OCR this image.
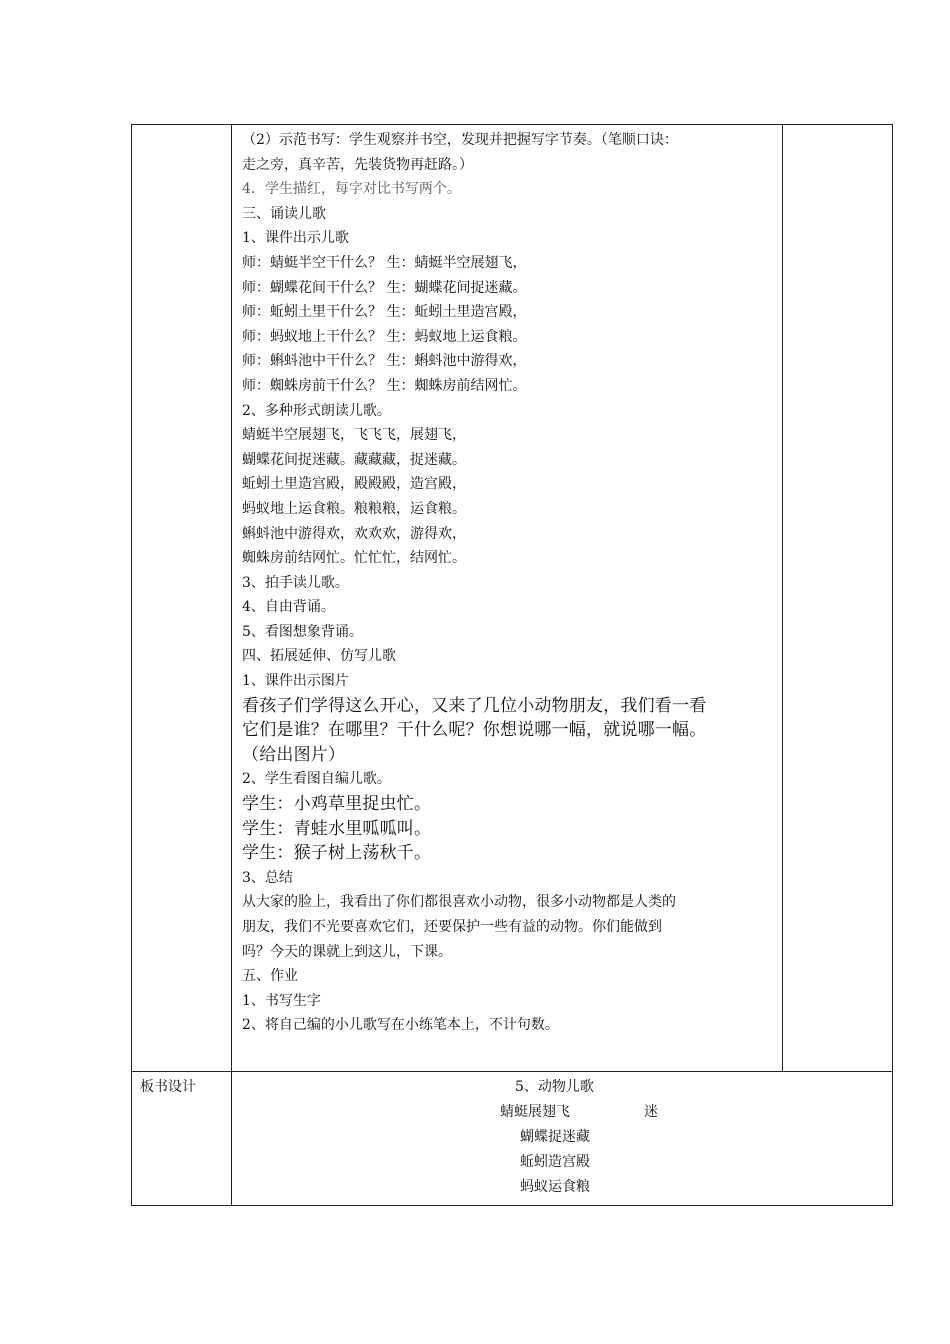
（2）示范书写：学生观察并书空，发现并把握写字节奏。（笔顺口诀：
走之旁，真辛苦，先装货物再赶路。）
4．学生描红，每字对比书写两个。
三、诵读儿歌
1、课件出示儿歌
师：蜻蜓半空干什么？ 生：蜻蜓半空展翅飞，
师：蝴蝶花间干什么？ 生：蝴蝶花间捉迷藏。
师：蚯蚓土里干什么？ 生：蚯蚓土里造宫殿，
师：蚂蚁地上干什么？ 生：蚂蚁地上运食粮。
师：蝌蚪池中干什么？ 生：蝌蚪池中游得欢，
师：蜘蛛房前干什么？ 生：蜘蛛房前结网忙。
2、多种形式朗读儿歌。
蜻蜓半空展翅飞，飞飞飞，展翅飞，
蝴蝶花间捉迷藏。藏藏藏，捉迷藏。
蚯蚓土里造宫殿，殿殿殿，造宫殿，
蚂蚁地上运食粮。粮粮粮，运食粮。
蝌蚪池中游得欢，欢欢欢，游得欢，
蜘蛛房前结网忙。忙忙忙，结网忙。
3、拍手读儿歌。
4、自由背诵。
5、看图想象背诵。
四、拓展延伸、仿写儿歌
1、课件出示图片
看孩子们学得这么开心，又来了几位小动物朋友，我们看一看
它们是谁？在哪里？干什么呢？你想说哪一幅，就说哪一幅。
（给出图片）
2、学生看图自编儿歌。
学生：小鸡草里捉虫忙。
学生：青蛙水里呱呱叫。
学生：猴子树上荡秋千。
3、总结
从大家的脸上，我看出了你们都很喜欢小动物，很多小动物都是人类的
朋友，我们不光要喜欢它们，还要保护一些有益的动物。你们能做到
吗？今天的课就上到这儿，下课。
五、作业
1、书写生字
2、将自己编的小儿歌写在小练笔本上，不计句数。
板书设计	5、动物儿歌
蜻蜓展翅飞	迷
蝴蝶捉迷藏
蚯蚓造宫殿
蚂蚁运食粮
